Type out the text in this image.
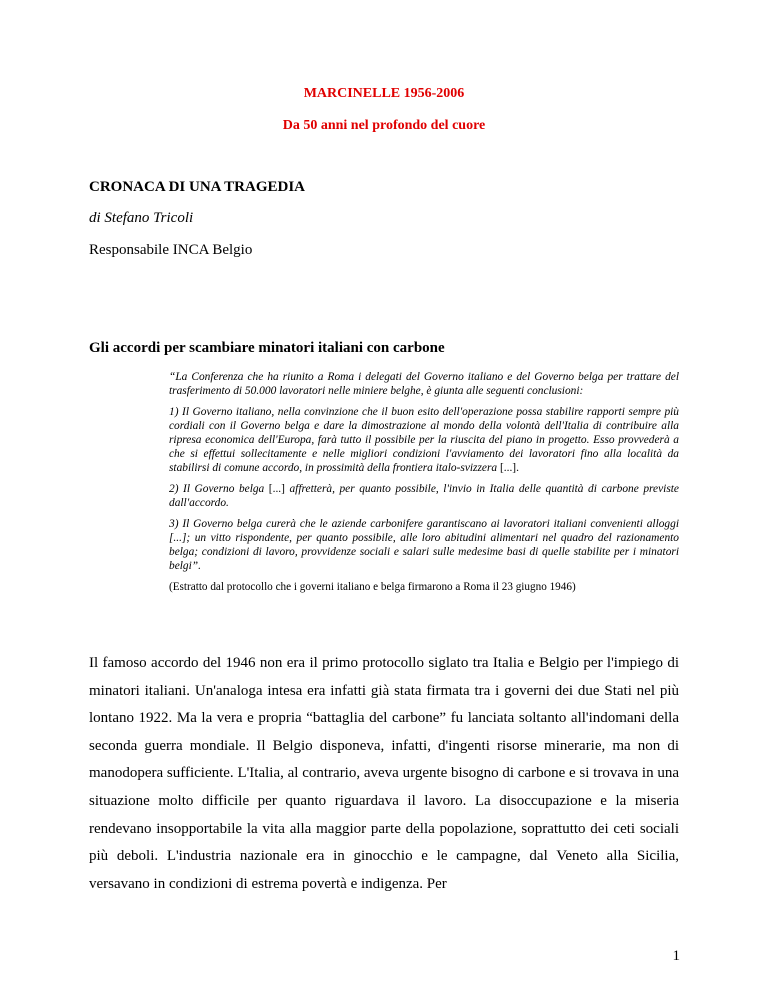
MARCINELLE 1956-2006
Da 50 anni nel profondo del cuore
CRONACA DI UNA TRAGEDIA
di Stefano Tricoli
Responsabile INCA Belgio
Gli accordi per scambiare minatori italiani con carbone

“La Conferenza che ha riunito a Roma i delegati del Governo italiano e del Governo belga per trattare del trasferimento di 50.000 lavoratori nelle miniere belghe, è giunta alle seguenti conclusioni:

1) Il Governo italiano, nella convinzione che il buon esito dell'operazione possa stabilire rapporti sempre più cordiali con il Governo belga e dare la dimostrazione al mondo della volontà dell'Italia di contribuire alla ripresa economica dell'Europa, farà tutto il possibile per la riuscita del piano in progetto. Esso provvederà a che si effettui sollecitamente e nelle migliori condizioni l'avviamento dei lavoratori fino alla località da stabilirsi di comune accordo, in prossimità della frontiera italo-svizzera [...].

2) Il Governo belga [...] affretterà, per quanto possibile, l'invio in Italia delle quantità di carbone previste dall'accordo.

3) Il Governo belga curerà che le aziende carbonifere garantiscano ai lavoratori italiani convenienti alloggi [...]; un vitto rispondente, per quanto possibile, alle loro abitudini alimentari nel quadro del razionamento belga; condizioni di lavoro, provvidenze sociali e salari sulle medesime basi di quelle stabilite per i minatori belgi”.

(Estratto dal protocollo che i governi italiano e belga firmarono a Roma il 23 giugno 1946)

Il famoso accordo del 1946 non era il primo protocollo siglato tra Italia e Belgio per l'impiego di minatori italiani. Un'analoga intesa era infatti già stata firmata tra i governi dei due Stati nel più lontano 1922. Ma la vera e propria “battaglia del carbone” fu lanciata soltanto all'indomani della seconda guerra mondiale. Il Belgio disponeva, infatti, d'ingenti risorse minerarie, ma non di manodopera sufficiente. L'Italia, al contrario, aveva urgente bisogno di carbone e si trovava in una situazione molto difficile per quanto riguardava il lavoro. La disoccupazione e la miseria rendevano insopportabile la vita alla maggior parte della popolazione, soprattutto dei ceti sociali più deboli. L'industria nazionale era in ginocchio e le campagne, dal Veneto alla Sicilia, versavano in condizioni di estrema povertà e indigenza. Per

1
